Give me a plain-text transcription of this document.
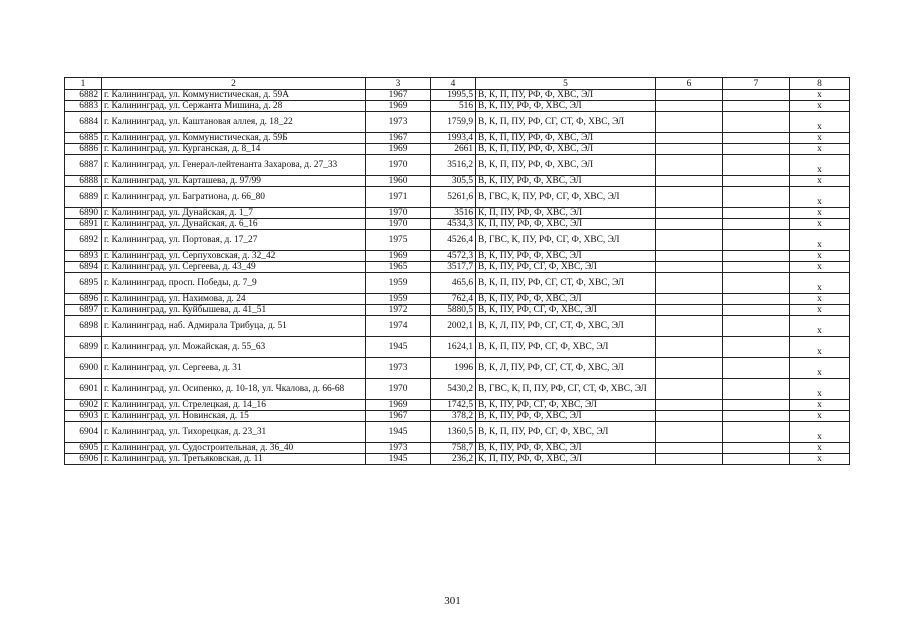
1	2	3	4	5	6	7	8
6882	г. Калининград, ул. Коммунистическая, д. 59А	1967	1995,5	В, К, П, ПУ, РФ, Ф, ХВС, ЭЛ			х
6883	г. Калининград, ул. Сержанта Мишина, д. 28	1969	516	В, К, ПУ, РФ, Ф, ХВС, ЭЛ			х
6884	г. Калининград, ул. Каштановая аллея, д. 18_22	1973	1759,9	В, К, П, ПУ, РФ, СГ, СТ, Ф, ХВС, ЭЛ			х
6885	г. Калининград, ул. Коммунистическая, д. 59Б	1967	1993,4	В, К, П, ПУ, РФ, Ф, ХВС, ЭЛ			х
6886	г. Калининград, ул. Курганская, д. 8_14	1969	2661	В, К, П, ПУ, РФ, Ф, ХВС, ЭЛ			х
6887	г. Калининград, ул. Генерал-лейтенанта Захарова, д. 27_33	1970	3516,2	В, К, П, ПУ, РФ, Ф, ХВС, ЭЛ			х
6888	г. Калининград, ул. Карташева, д. 97/99	1960	305,5	В, К, ПУ, РФ, Ф, ХВС, ЭЛ			х
6889	г. Калининград, ул. Багратиона, д. 66_80	1971	5261,6	В, ГВС, К, ПУ, РФ, СГ, Ф, ХВС, ЭЛ			х
6890	г. Калининград, ул. Дунайская, д. 1_7	1970	3516	К, П, ПУ, РФ, Ф, ХВС, ЭЛ			х
6891	г. Калининград, ул. Дунайская, д. 6_16	1970	4534,3	К, П, ПУ, РФ, Ф, ХВС, ЭЛ			х
6892	г. Калининград, ул. Портовая, д. 17_27	1975	4526,4	В, ГВС, К, ПУ, РФ, СГ, Ф, ХВС, ЭЛ			х
6893	г. Калининград, ул. Серпуховская, д. 32_42	1969	4572,3	В, К, ПУ, РФ, Ф, ХВС, ЭЛ			х
6894	г. Калининград, ул. Сергеева, д. 43_49	1965	3517,7	В, К, ПУ, РФ, СГ, Ф, ХВС, ЭЛ			х
6895	г. Калининград, просп. Победы, д. 7_9	1959	465,6	В, К, П, ПУ, РФ, СГ, СТ, Ф, ХВС, ЭЛ			х
6896	г. Калининград, ул. Нахимова, д. 24	1959	762,4	В, К, ПУ, РФ, Ф, ХВС, ЭЛ			х
6897	г. Калининград, ул. Куйбышева, д. 41_51	1972	5880,5	В, К, ПУ, РФ, СГ, Ф, ХВС, ЭЛ			х
6898	г. Калининград, наб. Адмирала Трибуца, д. 51	1974	2002,1	В, К, Л, ПУ, РФ, СГ, СТ, Ф, ХВС, ЭЛ			х
6899	г. Калининград, ул. Можайская, д. 55_63	1945	1624,1	В, К, П, ПУ, РФ, СГ, Ф, ХВС, ЭЛ			х
6900	г. Калининград, ул. Сергеева, д. 31	1973	1996	В, К, Л, ПУ, РФ, СГ, СТ, Ф, ХВС, ЭЛ			х
6901	г. Калининград, ул. Осипенко, д. 10-18, ул. Чкалова, д. 66-68	1970	5430,2	В, ГВС, К, П, ПУ, РФ, СГ, СТ, Ф, ХВС, ЭЛ			х
6902	г. Калининград, ул. Стрелецкая, д. 14_16	1969	1742,5	В, К, ПУ, РФ, СГ, Ф, ХВС, ЭЛ			х
6903	г. Калининград, ул. Новинская, д. 15	1967	378,2	В, К, ПУ, РФ, Ф, ХВС, ЭЛ			х
6904	г. Калининград, ул. Тихорецкая, д. 23_31	1945	1360,5	В, К, П, ПУ, РФ, СГ, Ф, ХВС, ЭЛ			х
6905	г. Калининград, ул. Судостроительная, д. 36_40	1973	758,7	В, К, ПУ, РФ, Ф, ХВС, ЭЛ			х
6906	г. Калининград, ул. Третьяковская, д. 11	1945	236,2	К, П, ПУ, РФ, Ф, ХВС, ЭЛ			х
301
